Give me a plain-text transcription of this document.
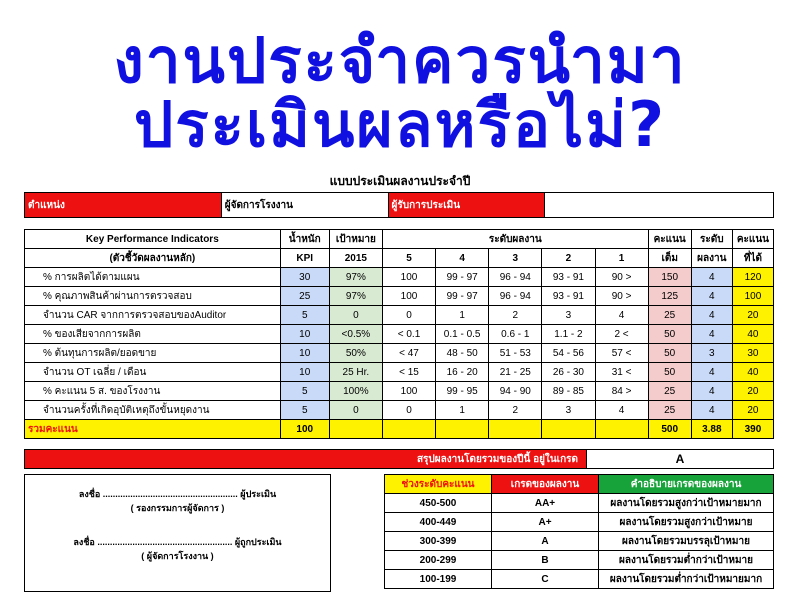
งานประจำควรนำมา
ประเมินผลหรือไม่?
แบบประเมินผลงานประจำปี
ตำแหน่ง	ผู้จัดการโรงงาน	ผู้รับการประเมิน	
Key Performance Indicators	น้ำหนัก	เป้าหมาย	ระดับผลงาน					คะแนน	ระดับ	คะแนน
(ตัวชี้วัดผลงานหลัก)	KPI	2015	5	4	3	2	1	เต็ม	ผลงาน	ที่ได้
% การผลิตได้ตามแผน	30	97%	100	99 - 97	96 - 94	93 - 91	90 >	150	4	120
% คุณภาพสินค้าผ่านการตรวจสอบ	25	97%	100	99 - 97	96 - 94	93 - 91	90 >	125	4	100
จำนวน CAR จากการตรวจสอบของAuditor	5	0	0	1	2	3	4	25	4	20
% ของเสียจากการผลิต	10	<0.5%	< 0.1	0.1 - 0.5	0.6 - 1	1.1 - 2	2 <	50	4	40
% ต้นทุนการผลิต/ยอดขาย	10	50%	< 47	48 - 50	51 - 53	54 - 56	57 <	50	3	30
จำนวน OT เฉลี่ย / เดือน	10	25 Hr.	< 15	16 - 20	21 - 25	26 - 30	31 <	50	4	40
% คะแนน 5 ส. ของโรงงาน	5	100%	100	99 - 95	94 - 90	89 - 85	84 >	25	4	20
จำนวนครั้งที่เกิดอุบัติเหตุถึงขั้นหยุดงาน	5	0	0	1	2	3	4	25	4	20
รวมคะแนน	100							500	3.88	390
สรุปผลงานโดยรวมของปีนี้ อยู่ในเกรด	A
ลงชื่อ ...................................................... ผู้ประเมิน
( รองกรรมการผู้จัดการ )
ลงชื่อ ...................................................... ผู้ถูกประเมิน
( ผู้จัดการโรงงาน )
ช่วงระดับคะแนน	เกรดของผลงาน	คำอธิบายเกรดของผลงาน
450-500	AA+	ผลงานโดยรวมสูงกว่าเป้าหมายมาก
400-449	A+	ผลงานโดยรวมสูงกว่าเป้าหมาย
300-399	A	ผลงานโดยรวมบรรลุเป้าหมาย
200-299	B	ผลงานโดยรวมต่ำกว่าเป้าหมาย
100-199	C	ผลงานโดยรวมต่ำกว่าเป้าหมายมาก
